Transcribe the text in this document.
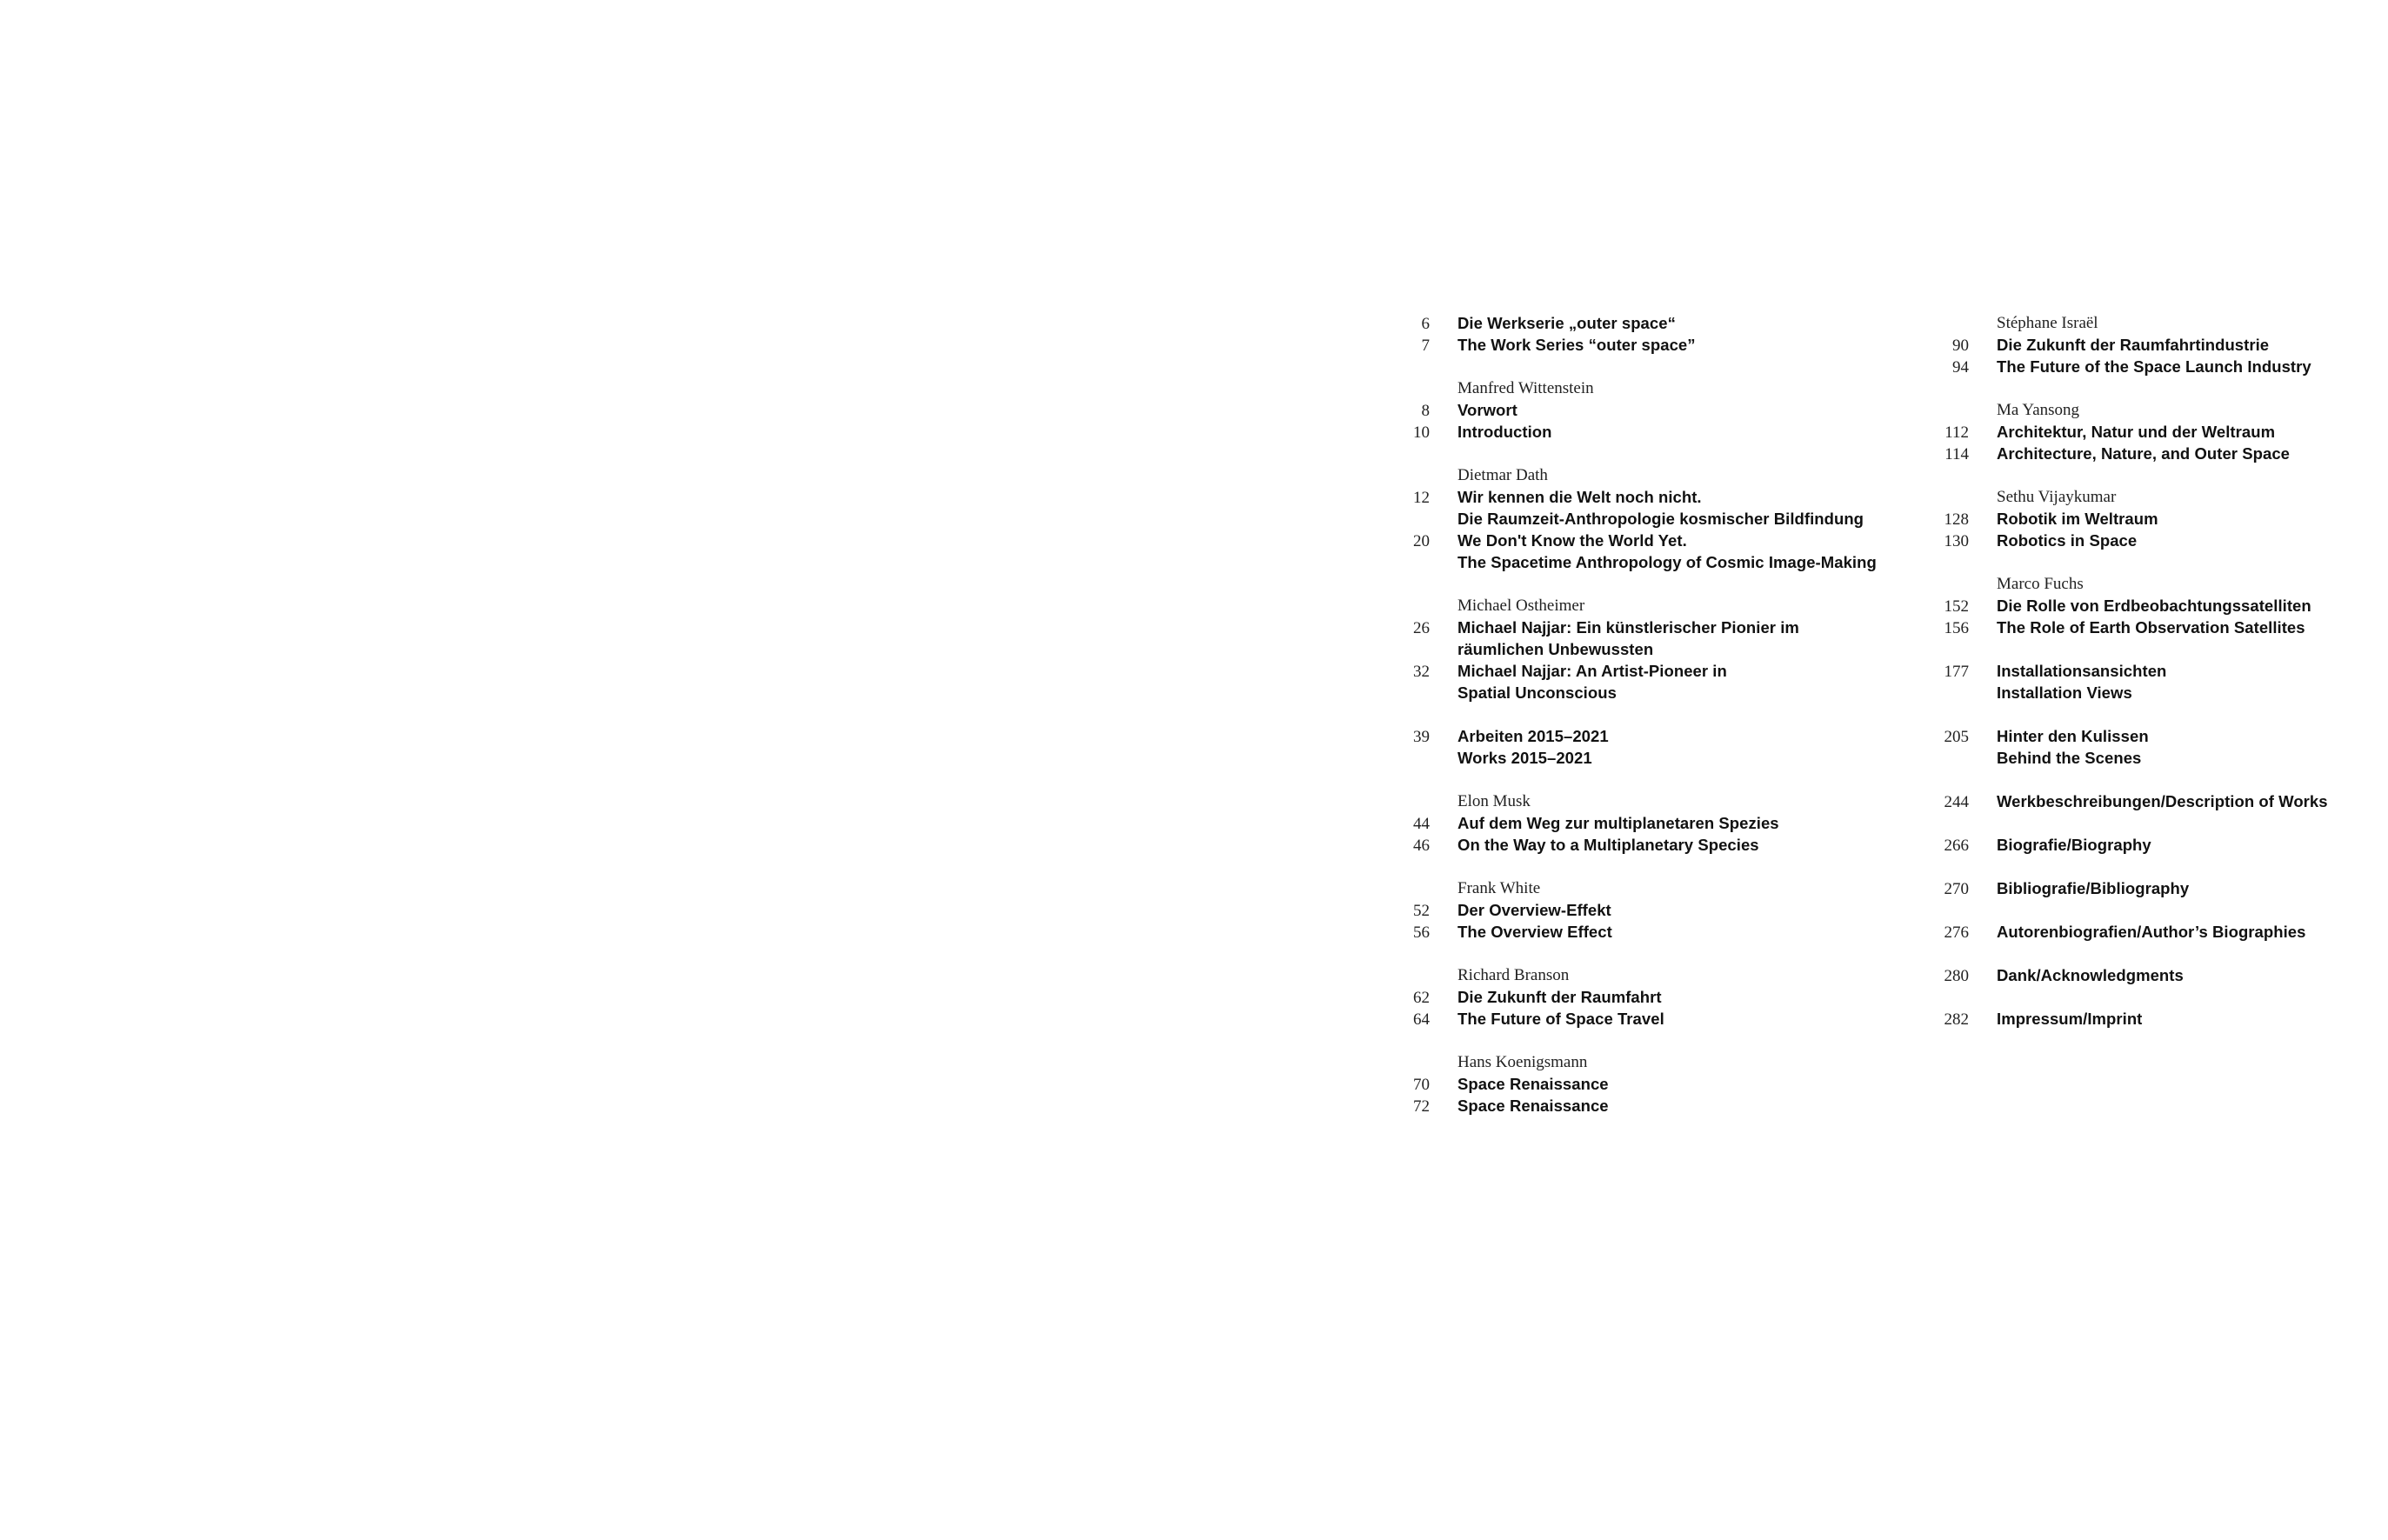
6 Die Werkserie „outer space“
7 The Work Series “outer space”
Manfred Wittenstein
8 Vorwort
10 Introduction
Dietmar Dath
12 Wir kennen die Welt noch nicht.
Die Raumzeit-Anthropologie kosmischer Bildfindung
20 We Don't Know the World Yet.
The Spacetime Anthropology of Cosmic Image-Making
Michael Ostheimer
26 Michael Najjar: Ein künstlerischer Pionier im
räumlichen Unbewussten
32 Michael Najjar: An Artist-Pioneer in
Spatial Unconscious
39 Arbeiten 2015–2021
Works 2015–2021
Elon Musk
44 Auf dem Weg zur multiplanetaren Spezies
46 On the Way to a Multiplanetary Species
Frank White
52 Der Overview-Effekt
56 The Overview Effect
Richard Branson
62 Die Zukunft der Raumfahrt
64 The Future of Space Travel
Hans Koenigsmann
70 Space Renaissance
72 Space Renaissance
Stéphane Israël
90 Die Zukunft der Raumfahrtindustrie
94 The Future of the Space Launch Industry
Ma Yansong
112 Architektur, Natur und der Weltraum
114 Architecture, Nature, and Outer Space
Sethu Vijaykumar
128 Robotik im Weltraum
130 Robotics in Space
Marco Fuchs
152 Die Rolle von Erdbeobachtungssatelliten
156 The Role of Earth Observation Satellites
177 Installationsansichten
Installation Views
205 Hinter den Kulissen
Behind the Scenes
244 Werkbeschreibungen/Description of Works
266 Biografie/Biography
270 Bibliografie/Bibliography
276 Autorenbiografien/Author’s Biographies
280 Dank/Acknowledgments
282 Impressum/Imprint
